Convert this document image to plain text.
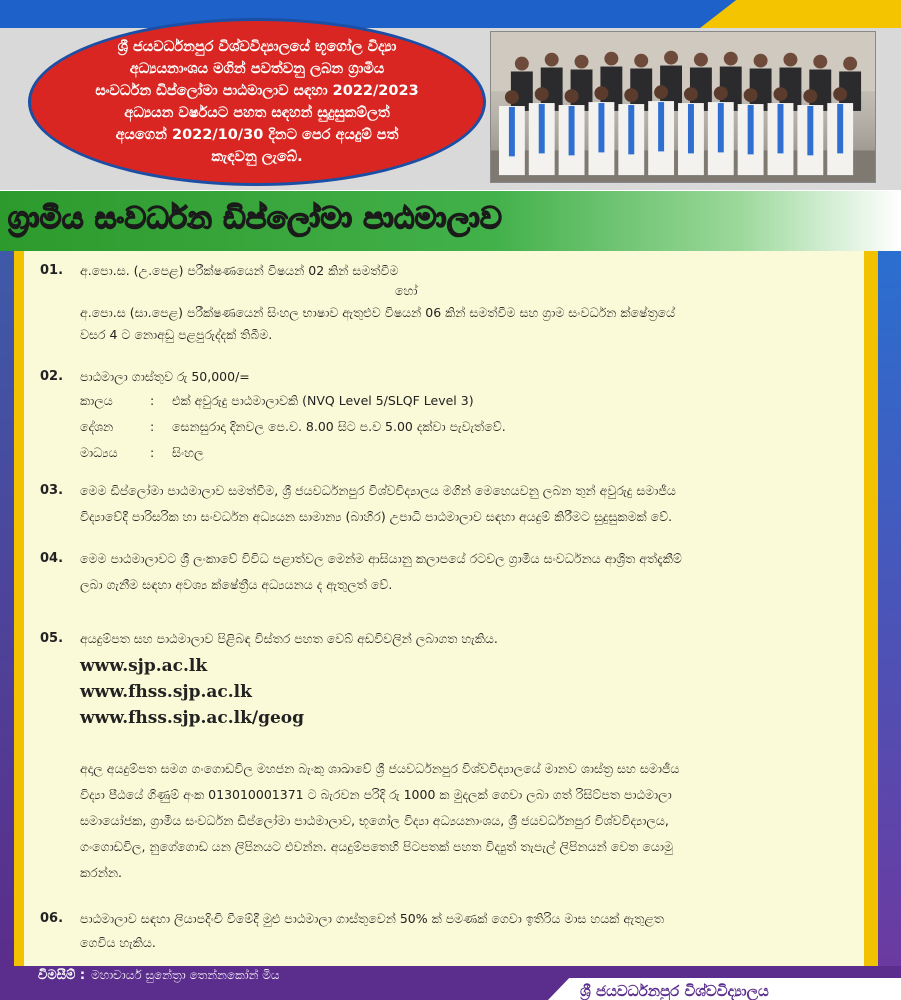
ශ්‍රී ජයවර්ධනපුර විශ්වවිද්‍යාලයේ භූගෝල විද්‍යා
අධ්‍යයනාංශය මගින් පවත්වනු ලබන ග්‍රාමීය
සංවර්ධන ඩිප්ලෝමා පාඨමාලාව සඳහා 2022/2023
අධ්‍යයන වර්ෂයට පහත සඳහන් සුදුසුකම්ලත්
අයගෙන් 2022/10/30 දිනට පෙර අයදුම් පත්
කැඳවනු ලැබේ.
ග්‍රාමීය සංවර්ධන ඩිප්ලෝමා පාඨමාලාව
01. අ.පො.ස. (උ.පෙළ) පරීක්ෂණයෙන් විෂයන් 02 කින් සමත්වීම
හෝ
අ.පො.ස (සා.පෙළ) පරීක්ෂණයෙන් සිංහල භාෂාව ඇතුළුව විෂයන් 06 කින් සමත්වීම සහ ග්‍රාම සංවර්ධන ක්ෂේත්‍රයේ
වසර 4 ට නොඅඩු පළපුරුද්දක් තිබීම.
02. පාඨමාලා ගාස්තුව රු 50,000/=
කාලය	: එක් අවුරුදු පාඨමාලාවකි (NVQ Level 5/SLQF Level 3)
දේශන	: සෙනසුරාදා දිනවල පෙ.ව. 8.00 සිට ප.ව 5.00 දක්වා පැවැත්වේ.
මාධ්‍යය	: සිංහල
03. මෙම ඩිප්ලෝමා පාඨමාලාව සමත්වීම, ශ්‍රී ජයවර්ධනපුර විශ්වවිද්‍යාලය මගින් මෙහෙයවනු ලබන තුන් අවුරුදු සමාජීය
විද්‍යාවේදී පාරිසරික හා සංවර්ධන අධ්‍යයන සාමාන්‍ය (බාහිර) උපාධි පාඨමාලාව සඳහා අයදුම් කිරීමට සුදුසුකමක් වේ.
04. මෙම පාඨමාලාවට ශ්‍රී ලංකාවේ විවිධ පළාත්වල මෙන්ම ආසියානු කලාපයේ රටවල ග්‍රාමීය සංවර්ධනය ආශ්‍රිත අත්දැකීම්
ලබා ගැනීම සඳහා අවශ්‍ය ක්ෂේත්‍රීය අධ්‍යයනය ද ඇතුලත් වේ.
05. අයදුම්පත සහ පාඨමාලාව පිළිබඳ විස්තර පහත වෙබ් අඩවිවලින් ලබාගත හැකිය.
www.sjp.ac.lk
www.fhss.sjp.ac.lk
www.fhss.sjp.ac.lk/geog
අදාල අයදුම්පත සමග ගංගොඩවිල මහජන බැංකු ශාඛාවේ ශ්‍රී ජයවර්ධනපුර විශ්වවිද්‍යාලයේ මානව ශාස්ත්‍ර සහ සමාජීය
විද්‍යා පීඨයේ ගිණුම් අංක 013010001371 ට බැරවන පරිදි රු 1000 ක මුදලක් ගෙවා ලබා ගත් රිසිට්පත පාඨමාලා
සමායෝජක, ග්‍රාමීය සංවර්ධන ඩිප්ලෝමා පාඨමාලාව, භූගෝල විද්‍යා අධ්‍යයනාංශය, ශ්‍රී ජයවර්ධනපුර විශ්වවිද්‍යාලය,
ගංගොඩවිල, නුගේගොඩ යන ලිපිනයට එවන්න. අයදුම්පතෙහි පිටපතක් පහත විද්‍යුත් තැපැල් ලිපිනයන් වෙත යොමු
කරන්න.
06. පාඨමාලාව සඳහා ලියාපදිංචි වීමේදී මුළු පාඨමාලා ගාස්තුවෙන් 50% ක් පමණක් ගෙවා ඉතිරිය මාස හයක් ඇතුළත
ගෙවිය හැකිය.
විමසීම් : මහාචාර්ය සුනේත්‍රා තෙන්නකෝන් මිය
ශ්‍රී ජයවර්ධනපුර විශ්වවිද්‍යාලය
